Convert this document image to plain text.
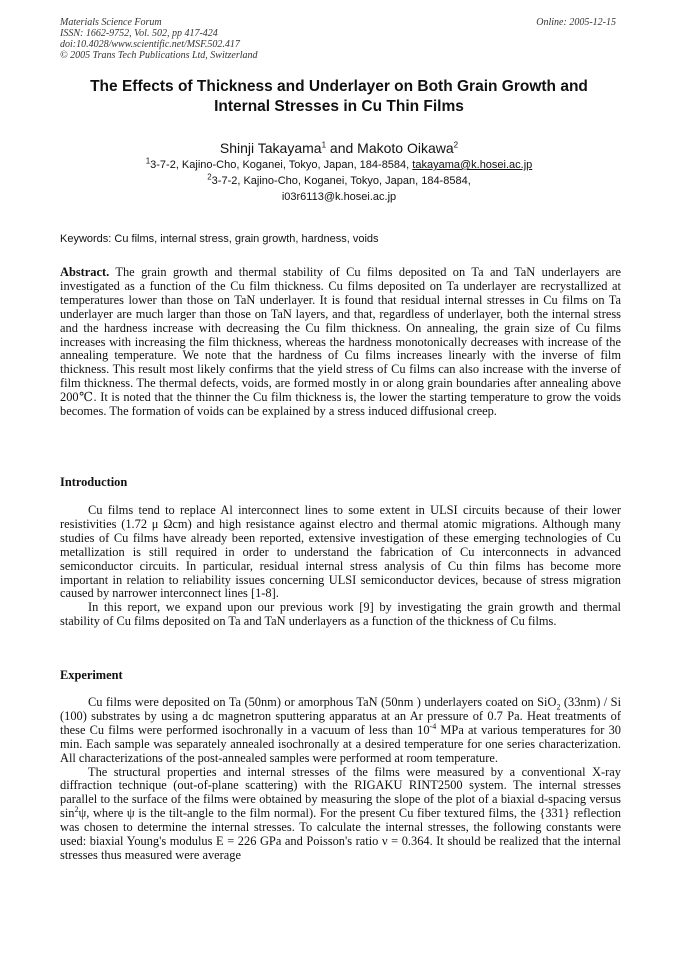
Materials Science Forum
ISSN: 1662-9752, Vol. 502, pp 417-424
doi:10.4028/www.scientific.net/MSF.502.417
© 2005 Trans Tech Publications Ltd, Switzerland
Online: 2005-12-15
The Effects of Thickness and Underlayer on Both Grain Growth and
Internal Stresses in Cu Thin Films
Shinji Takayama$^1$ and Makoto Oikawa$^2$
$^1$3-7-2, Kajino-Cho, Koganei, Tokyo, Japan, 184-8584, takayama@k.hosei.ac.jp
$^2$3-7-2, Kajino-Cho, Koganei, Tokyo, Japan, 184-8584,
i03r6113@k.hosei.ac.jp
Keywords: Cu films, internal stress, grain growth, hardness, voids

Abstract. The grain growth and thermal stability of Cu films deposited on Ta and TaN underlayers are investigated as a function of the Cu film thickness. Cu films deposited on Ta underlayer are recrystallized at temperatures lower than those on TaN underlayer. It is found that residual internal stresses in Cu films on Ta underlayer are much larger than those on TaN layers, and that, regardless of underlayer, both the internal stress and the hardness increase with decreasing the Cu film thickness. On annealing, the grain size of Cu films increases with increasing the film thickness, whereas the hardness monotonically decreases with increase of the annealing temperature. We note that the hardness of Cu films increases linearly with the inverse of film thickness. This result most likely confirms that the yield stress of Cu films can also increase with the inverse of film thickness. The thermal defects, voids, are formed mostly in or along grain boundaries after annealing above 200℃. It is noted that the thinner the Cu film thickness is, the lower the starting temperature to grow the voids becomes. The formation of voids can be explained by a stress induced diffusional creep.

Introduction

Cu films tend to replace Al interconnect lines to some extent in ULSI circuits because of their lower resistivities (1.72 μ Ωcm) and high resistance against electro and thermal atomic migrations. Although many studies of Cu films have already been reported, extensive investigation of these emerging technologies of Cu metallization is still required in order to understand the fabrication of Cu interconnects in advanced semiconductor circuits. In particular, residual internal stress analysis of Cu thin films has become more important in relation to reliability issues concerning ULSI semiconductor devices, because of stress migration caused by narrower interconnect lines [1-8].

In this report, we expand upon our previous work [9] by investigating the grain growth and thermal stability of Cu films deposited on Ta and TaN underlayers as a function of the thickness of Cu films.

Experiment

Cu films were deposited on Ta (50nm) or amorphous TaN (50nm ) underlayers coated on SiO$_2$ (33nm) / Si (100) substrates by using a dc magnetron sputtering apparatus at an Ar pressure of 0.7 Pa. Heat treatments of these Cu films were performed isochronally in a vacuum of less than $10^{-4}$ MPa at various temperatures for 30 min. Each sample was separately annealed isochronally at a desired temperature for one series characterization. All characterizations of the post-annealed samples were performed at room temperature.

The structural properties and internal stresses of the films were measured by a conventional X-ray diffraction technique (out-of-plane scattering) with the RIGAKU RINT2500 system. The internal stresses parallel to the surface of the films were obtained by measuring the slope of the plot of a biaxial d-spacing versus $\sin^2\psi$, where ψ is the tilt-angle to the film normal). For the present Cu fiber textured films, the {331} reflection was chosen to determine the internal stresses. To calculate the internal stresses, the following constants were used: biaxial Young's modulus E = 226 GPa and Poisson's ratio ν = 0.364. It should be realized that the internal stresses thus measured were average
